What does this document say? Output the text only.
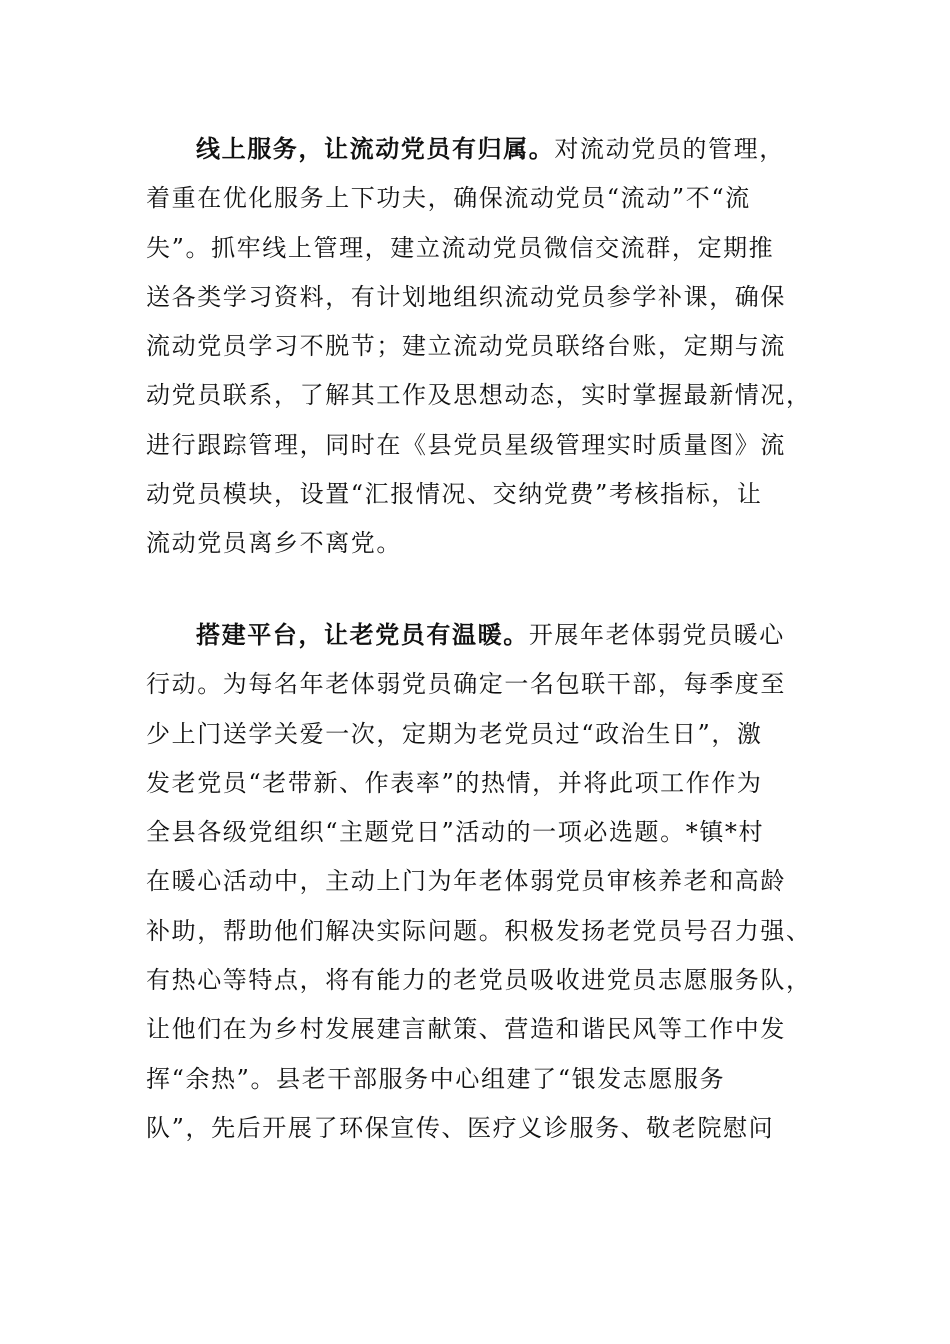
线上服务，让流动党员有归属。对流动党员的管理，
着重在优化服务上下功夫，确保流动党员“流动”不“流
失”。抓牢线上管理，建立流动党员微信交流群，定期推
送各类学习资料，有计划地组织流动党员参学补课，确保
流动党员学习不脱节；建立流动党员联络台账，定期与流
动党员联系，了解其工作及思想动态，实时掌握最新情况，
进行跟踪管理，同时在《县党员星级管理实时质量图》流
动党员模块，设置“汇报情况、交纳党费”考核指标，让
流动党员离乡不离党。
搭建平台，让老党员有温暖。开展年老体弱党员暖心
行动。为每名年老体弱党员确定一名包联干部，每季度至
少上门送学关爱一次，定期为老党员过“政治生日”，激
发老党员“老带新、作表率”的热情，并将此项工作作为
全县各级党组织“主题党日”活动的一项必选题。*镇*村
在暖心活动中，主动上门为年老体弱党员审核养老和高龄
补助，帮助他们解决实际问题。积极发扬老党员号召力强、
有热心等特点，将有能力的老党员吸收进党员志愿服务队，
让他们在为乡村发展建言献策、营造和谐民风等工作中发
挥“余热”。县老干部服务中心组建了“银发志愿服务
队”，先后开展了环保宣传、医疗义诊服务、敬老院慰问
